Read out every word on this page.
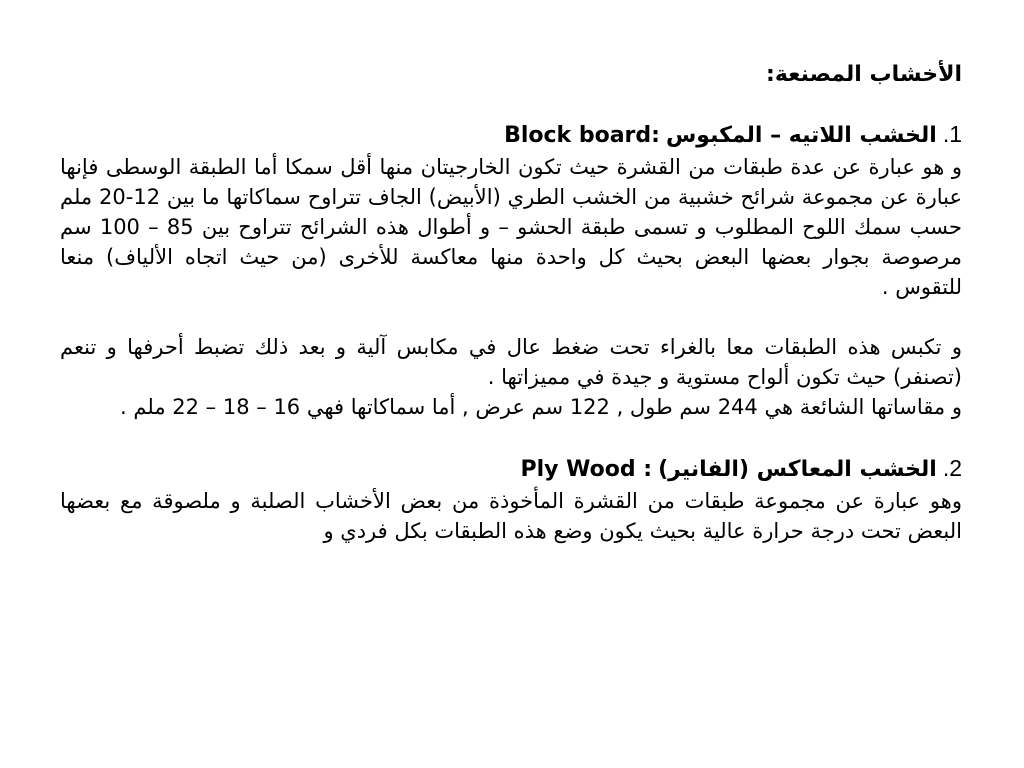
الأخشاب المصنعة:
1.
الخشب اللاتيه – المكبوس
Block board:

و هو عبارة عن عدة طبقات من القشرة حيث تكون الخارجيتان منها أقل سمكا أما الطبقة الوسطى فإنها عبارة عن مجموعة شرائح خشبية من الخشب الطري (الأبيض) الجاف تتراوح سماكاتها ما بين 12-20 ملم حسب سمك اللوح المطلوب و تسمى طبقة الحشو – و أطوال هذه الشرائح تتراوح بين 85 – 100 سم مرصوصة بجوار بعضها البعض بحيث كل واحدة منها معاكسة للأخرى (من حيث اتجاه الألياف) منعا للتقوس .

و تكبس هذه الطبقات معا بالغراء تحت ضغط عال في مكابس آلية و بعد ذلك تضبط أحرفها و تنعم (تصنفر) حيث تكون ألواح مستوية و جيدة في مميزاتها .

و مقاساتها الشائعة هي 244 سم طول , 122 سم عرض , أما سماكاتها فهي 16 – 18 – 22 ملم .

2.
الخشب المعاكس (الفانير)
Ply Wood :

وهو عبارة عن مجموعة طبقات من القشرة المأخوذة من بعض الأخشاب الصلبة و ملصوقة مع بعضها البعض تحت درجة حرارة عالية بحيث يكون وضع هذه الطبقات بكل فردي و
